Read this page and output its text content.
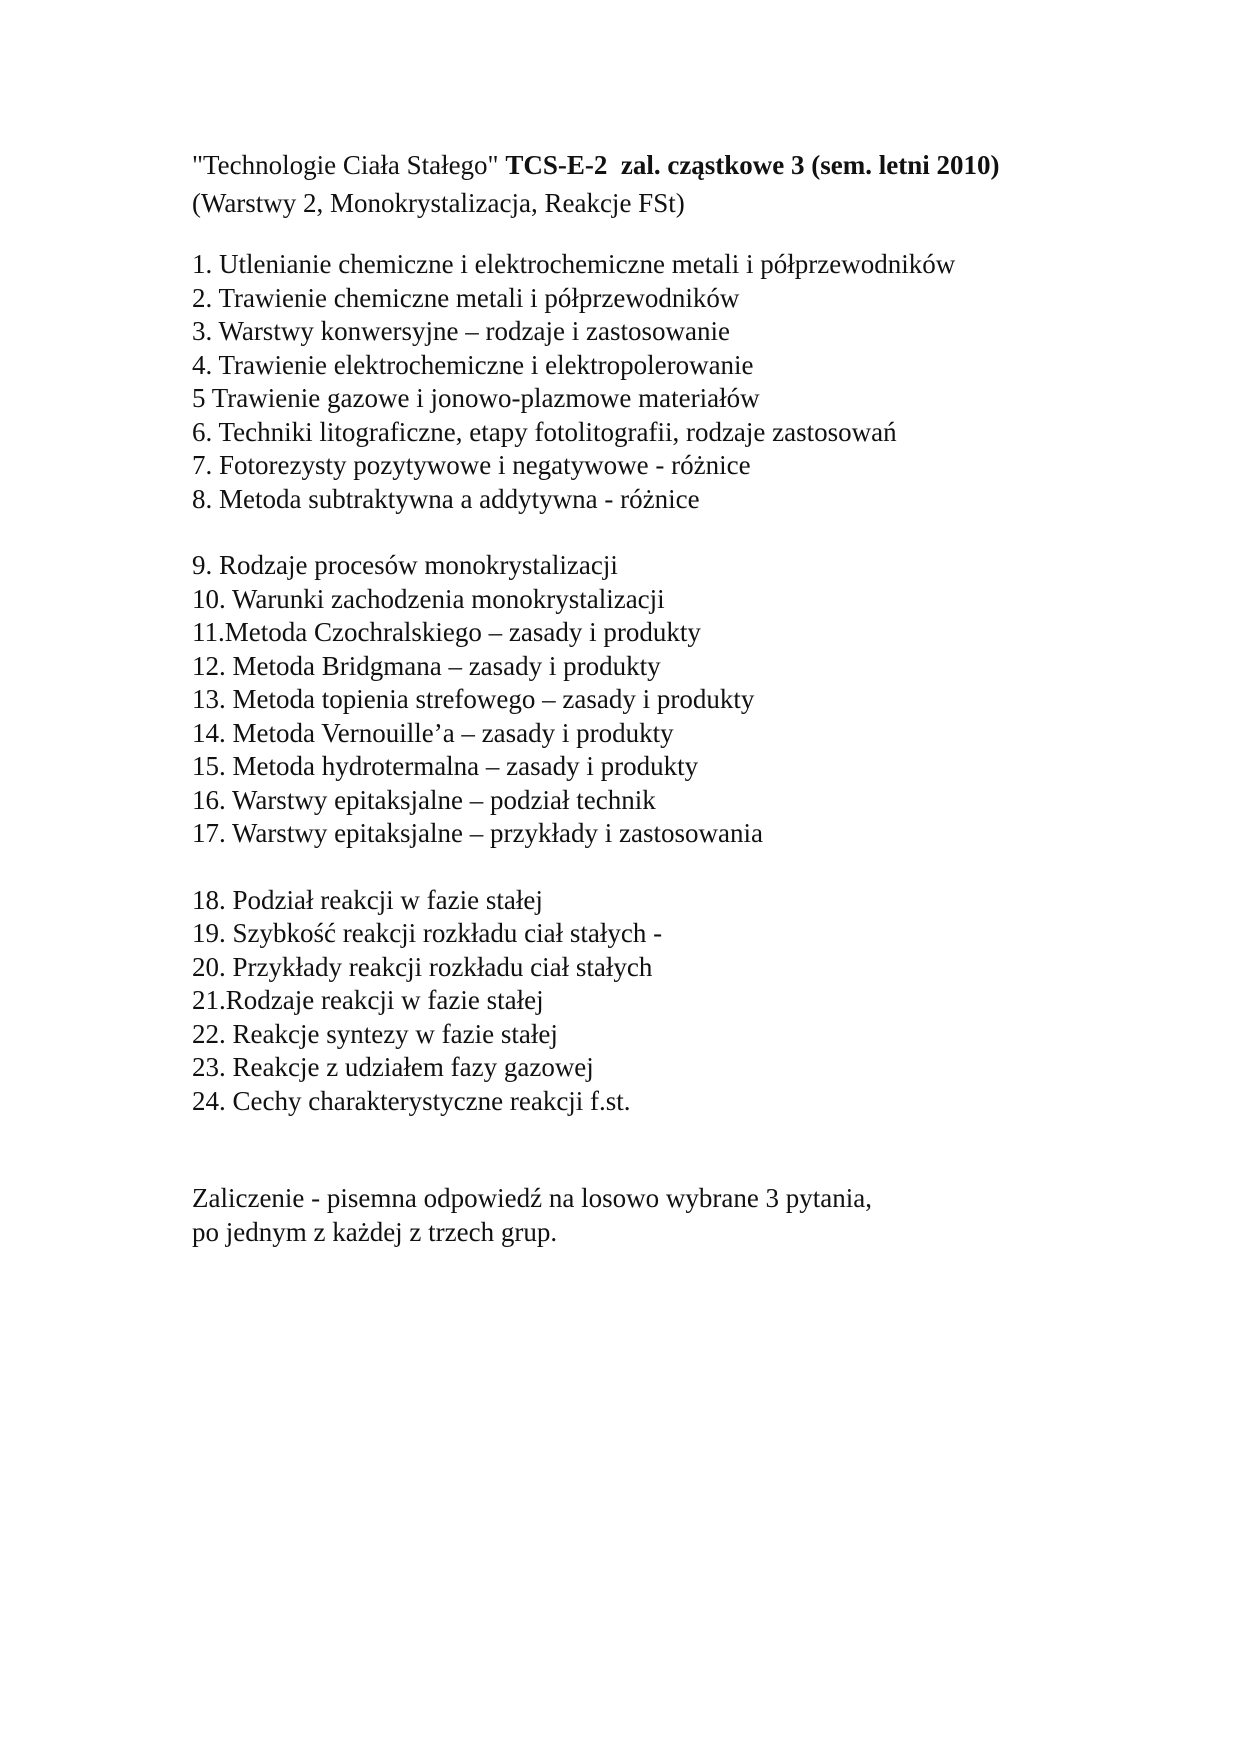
"Technologie Ciała Stałego" TCS-E-2 zal. cząstkowe 3 (sem. letni 2010)

(Warstwy 2, Monokrystalizacja, Reakcje FSt)

1. Utlenianie chemiczne i elektrochemiczne metali i półprzewodników
2. Trawienie chemiczne metali i półprzewodników
3. Warstwy konwersyjne – rodzaje i zastosowanie
4. Trawienie elektrochemiczne i elektropolerowanie
5 Trawienie gazowe i jonowo-plazmowe materiałów
6. Techniki litograficzne, etapy fotolitografii, rodzaje zastosowań
7. Fotorezysty pozytywowe i negatywowe - różnice
8. Metoda subtraktywna a addytywna - różnice
9. Rodzaje procesów monokrystalizacji
10. Warunki zachodzenia monokrystalizacji
11.Metoda Czochralskiego – zasady i produkty
12. Metoda Bridgmana – zasady i produkty
13. Metoda topienia strefowego – zasady i produkty
14. Metoda Vernouille’a – zasady i produkty
15. Metoda hydrotermalna – zasady i produkty
16. Warstwy epitaksjalne – podział technik
17. Warstwy epitaksjalne – przykłady i zastosowania
18. Podział reakcji w fazie stałej
19. Szybkość reakcji rozkładu ciał stałych -
20. Przykłady reakcji rozkładu ciał stałych
21.Rodzaje reakcji w fazie stałej
22. Reakcje syntezy w fazie stałej
23. Reakcje z udziałem fazy gazowej
24. Cechy charakterystyczne reakcji f.st.

Zaliczenie - pisemna odpowiedź na losowo wybrane 3 pytania,

po jednym z każdej z trzech grup.
